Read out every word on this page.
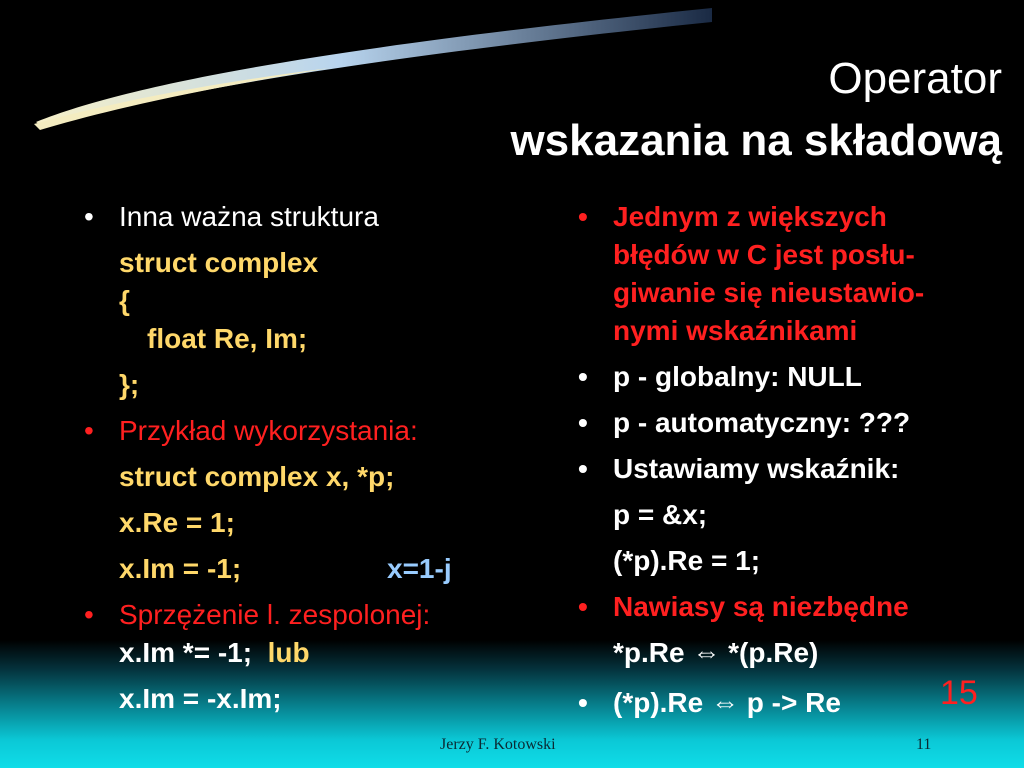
Operator
wskazania na składową
• Inna ważna struktura
struct complex
{
float Re, Im;
};
• Przykład wykorzystania:
struct complex x, *p;
x.Re = 1;
x.Im = -1;	x=1-j
• Sprzężenie l. zespolonej:
x.Im *= -1; lub
x.Im = -x.Im;
• Jednym z większych
błędów w C jest posłu-
giwanie się nieustawio-
nymi wskaźnikami
• p - globalny: NULL
• p - automatyczny: ???
• Ustawiamy wskaźnik:
p = &x;
(*p).Re = 1;
• Nawiasy są niezbędne
*p.Re ⇔ *(p.Re)
• (*p).Re ⇔ p -> Re	15
Jerzy F. Kotowski	11
